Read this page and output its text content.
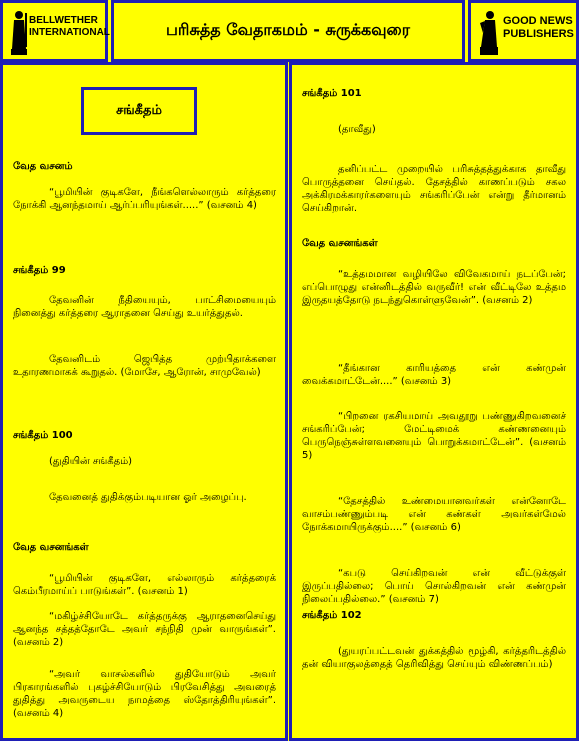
BELLWETHER
INTERNATIONAL	பரிசுத்த வேதாகமம் - சுருக்கவுரை	GOOD NEWS
PUBLISHERS
சங்கீதம்
வேத வசனம்
“பூமியின் குடிகளே, நீங்களெல்லாரும் கர்த்தரை நோக்கி ஆனந்தமாய் ஆர்ப்பரியுங்கள்.....” (வசனம் 4)
சங்கீதம் 99
தேவனின் நீதியையும், பாட்சிமையையும் நினைத்து கர்த்தரை ஆராதனை செய்து உயர்த்துதல்.
தேவனிடம் ஜெபித்த முற்பிதாக்களை உதாரணமாகக் கூறுதல். (மோசே, ஆரோன், சாமுவேல்)
சங்கீதம் 100
(துதியின் சங்கீதம்)
தேவனைத் துதிக்கும்படியான ஓர் அழைப்பு.
வேத வசனங்கள்
“பூமியின் குடிகளே, எல்லாரும் கர்த்தரைக் கெம்பீரமாய்ப் பாடுங்கள்”. (வசனம் 1)
“மகிழ்ச்சியோடே கர்த்தருக்கு ஆராதனைசெய்து ஆனந்த சத்தத்தோடே அவர் சந்நிதி முன் வாருங்கள்”. (வசனம் 2)
“அவர் வாசல்களில் துதியோடும் அவர் பிரகாரங்களில் புகழ்ச்சியோடும் பிரவேசித்து அவரைத் துதித்து அவருடைய நாமத்தை ஸ்தோத்திரியுங்கள்”. (வசனம் 4)
சங்கீதம் 101
(தாவீது)
தனிப்பட்ட முறையில் பரிசுத்தத்துக்காக தாவீது பொருத்தனை செய்தல். தேசத்தில் காணப்படும் சகல அக்கிரமக்காரர்களையும் சங்கரிப்பேன் என்று தீர்மானம் செய்கிறான்.
வேத வசனங்கள்
“உத்தமமான வழியிலே விவேகமாய் நடப்பேன்; எப்பொழுது என்னிடத்தில் வருவீர்! என் வீட்டிலே உத்தம இருதயத்தோடு நடந்துகொள்ளுவேன்”. (வசனம் 2)
“தீங்கான காரியத்தை என் கண்முன் வைக்கமாட்டேன்....” (வசனம் 3)
“பிறனை ரகசியமாய் அவதூறு பண்ணுகிறவனைச் சங்கரிப்பேன்; மேட்டிமைக் கண்ணனையும் பெருநெஞ்சுள்ளவனையும் பொறுக்கமாட்டேன்”. (வசனம் 5)
“தேசத்தில் உண்மையானவர்கள் என்னோடே வாசம்பண்ணும்படி என் கண்கள் அவர்கள்மேல் நோக்கமாயிருக்கும்....” (வசனம் 6)
“கபடு செய்கிறவன் என் வீட்டுக்குள் இருப்பதில்லை; பொய் சொல்கிறவன் என் கண்முன் நிலைப்பதில்லை.” (வசனம் 7)
சங்கீதம் 102
(துயரப்பட்டவன் துக்கத்தில் மூழ்கி, கர்த்தரிடத்தில் தன் வியாகுலத்தைத் தெரிவித்து செய்யும் விண்ணப்பம்)
